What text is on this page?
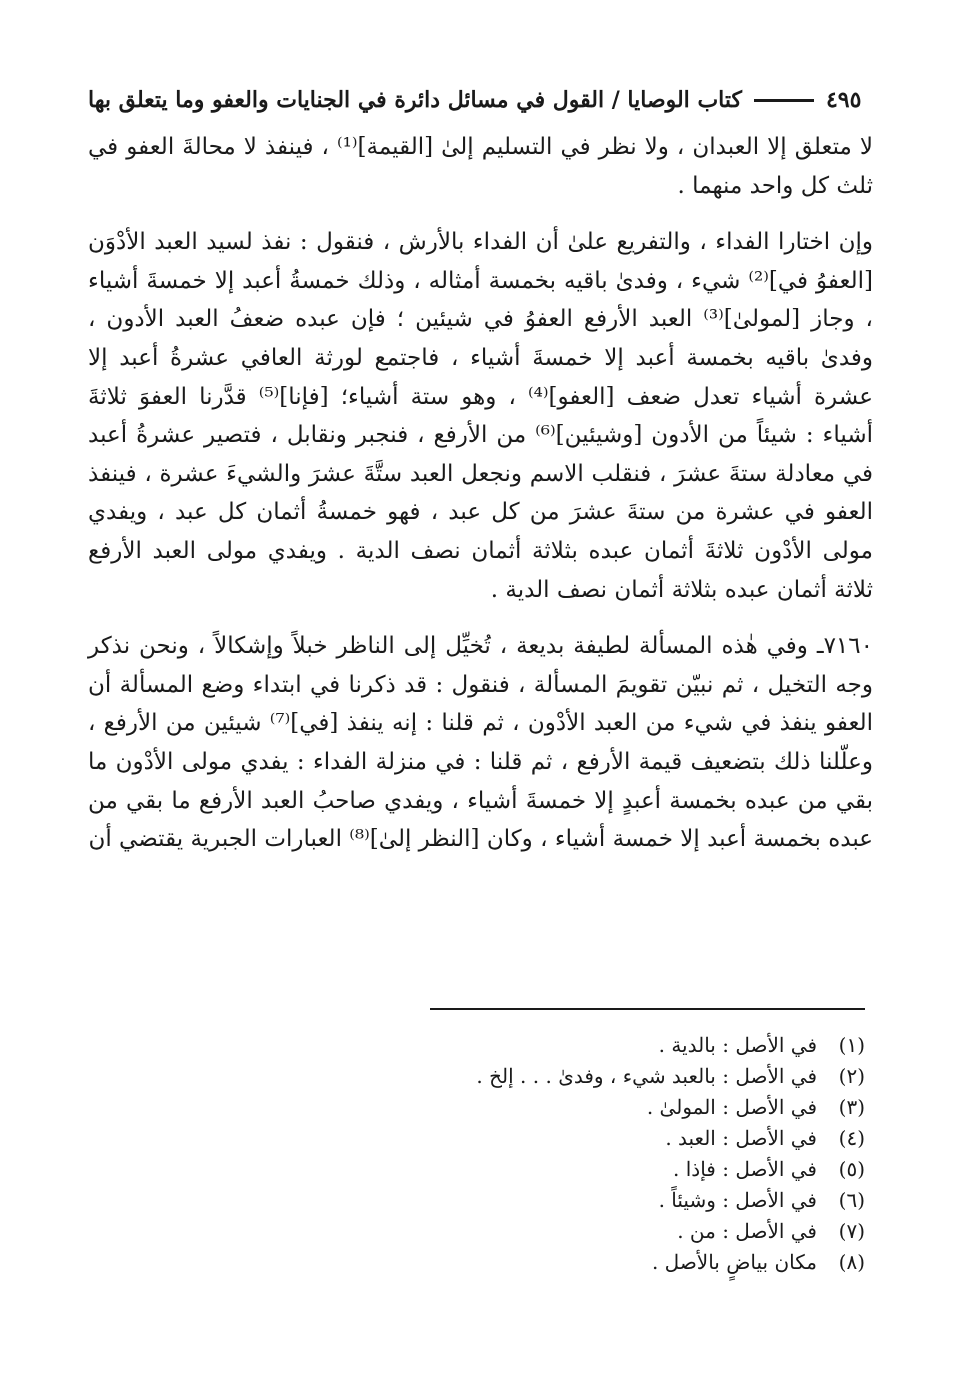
كتاب الوصايا / القول في مسائل دائرة في الجنايات والعفو وما يتعلق بها	٤٩٥

لا متعلق إلا العبدان ، ولا نظر في التسليم إلىٰ [القيمة]⁽¹⁾ ، فينفذ لا محالةَ العفو في ثلث كل واحد منهما .

وإن اختارا الفداء ، والتفريع علىٰ أن الفداء بالأرش ، فنقول : نفذ لسيد العبد الأدْوَن [العفوُ في]⁽²⁾ شيء ، وفدىٰ باقيه بخمسة أمثاله ، وذلك خمسةُ أعبد إلا خمسةَ أشياء ، وجاز [لمولىٰ]⁽³⁾ العبد الأرفع العفوُ في شيئين ؛ فإن عبده ضعفُ العبد الأدون ، وفدىٰ باقيه بخمسة أعبد إلا خمسةَ أشياء ، فاجتمع لورثة العافي عشرةُ أعبد إلا عشرة أشياء تعدل ضعف [العفو]⁽⁴⁾ ، وهو ستة أشياء؛ [فإنا]⁽⁵⁾ قدَّرنا العفوَ ثلاثةَ أشياء : شيئاً من الأدون [وشيئين]⁽⁶⁾ من الأرفع ، فنجبر ونقابل ، فتصير عشرةُ أعبد في معادلة ستةَ عشرَ ، فنقلب الاسم ونجعل العبد ستَّةَ عشرَ والشيءَ عشرة ، فينفذ العفو في عشرة من ستةَ عشرَ من كل عبد ، فهو خمسةُ أثمان كل عبد ، ويفدي مولى الأدْون ثلاثةَ أثمان عبده بثلاثة أثمان نصف الدية . ويفدي مولى العبد الأرفع ثلاثة أثمان عبده بثلاثة أثمان نصف الدية .

٧١٦٠ـ وفي هٰذه المسألة لطيفة بديعة ، تُخيِّل إلى الناظر خبلاً وإشكالاً ، ونحن نذكر وجه التخيل ، ثم نبيّن تقويمَ المسألة ، فنقول : قد ذكرنا في ابتداء وضع المسألة أن العفو ينفذ في شيء من العبد الأدْون ، ثم قلنا : إنه ينفذ [في]⁽⁷⁾ شيئين من الأرفع ، وعلّلنا ذلك بتضعيف قيمة الأرفع ، ثم قلنا : في منزلة الفداء : يفدي مولى الأدْون ما بقي من عبده بخمسة أعبدٍ إلا خمسةَ أشياء ، ويفدي صاحبُ العبد الأرفع ما بقي من عبده بخمسة أعبد إلا خمسة أشياء ، وكان [النظر إلىٰ]⁽⁸⁾ العبارات الجبرية يقتضي أن

(١)
في الأصل : بالدية .
(٢)
في الأصل : بالعبد شيء ، وفدىٰ . . . إلخ .
(٣)
في الأصل : المولىٰ .
(٤)
في الأصل : العبد .
(٥)
في الأصل : فإذا .
(٦)
في الأصل : وشيئاً .
(٧)
في الأصل : من .
(٨)
مكان بياضٍ بالأصل .
